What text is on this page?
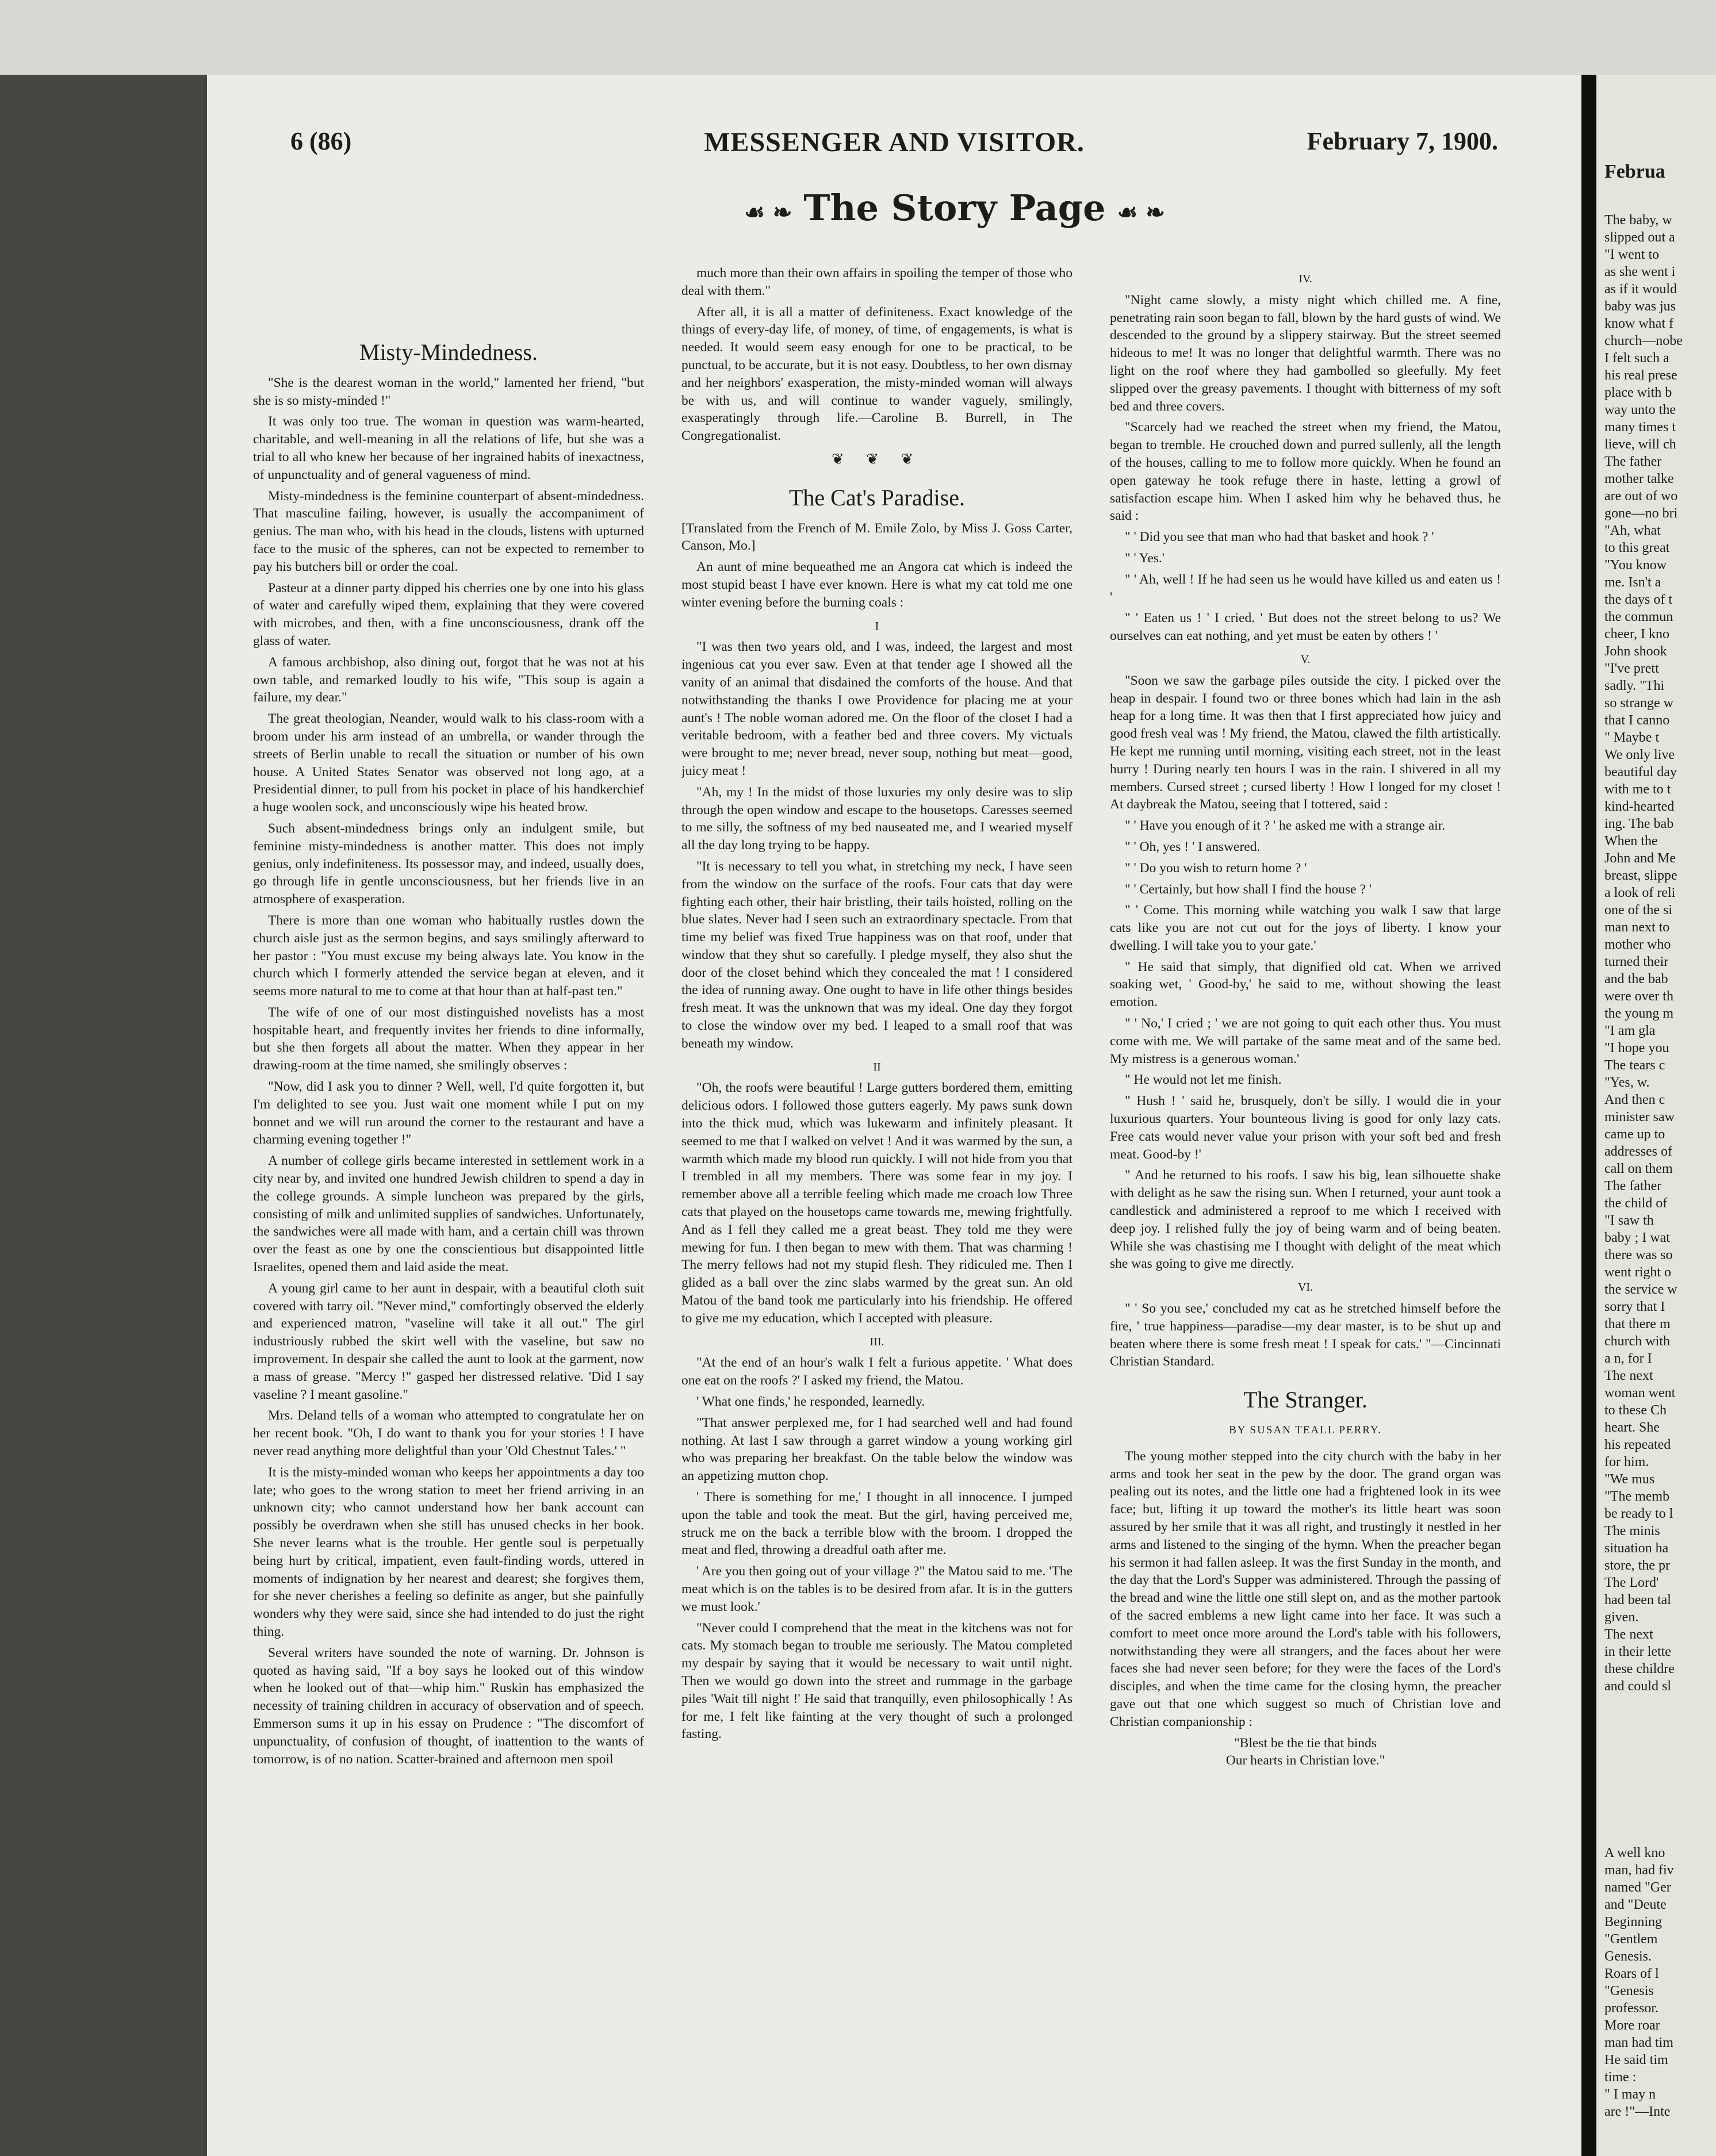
6 (86)	MESSENGER AND VISITOR.	February 7, 1900.
☙ ❧ The Story Page ☙ ❧
Misty-Mindedness.

"She is the dearest woman in the world," lamented her friend, "but she is so misty-minded !"

It was only too true. The woman in question was warm-hearted, charitable, and well-meaning in all the relations of life, but she was a trial to all who knew her because of her ingrained habits of inexactness, of unpunctuality and of general vagueness of mind.

Misty-mindedness is the feminine counterpart of absent-mindedness. That masculine failing, however, is usually the accompaniment of genius. The man who, with his head in the clouds, listens with upturned face to the music of the spheres, can not be expected to remember to pay his butchers bill or order the coal.

Pasteur at a dinner party dipped his cherries one by one into his glass of water and carefully wiped them, explaining that they were covered with microbes, and then, with a fine unconsciousness, drank off the glass of water.

A famous archbishop, also dining out, forgot that he was not at his own table, and remarked loudly to his wife, "This soup is again a failure, my dear."

The great theologian, Neander, would walk to his class-room with a broom under his arm instead of an umbrella, or wander through the streets of Berlin unable to recall the situation or number of his own house. A United States Senator was observed not long ago, at a Presidential dinner, to pull from his pocket in place of his handkerchief a huge woolen sock, and unconsciously wipe his heated brow.

Such absent-mindedness brings only an indulgent smile, but feminine misty-mindedness is another matter. This does not imply genius, only indefiniteness. Its possessor may, and indeed, usually does, go through life in gentle unconsciousness, but her friends live in an atmosphere of exasperation.

There is more than one woman who habitually rustles down the church aisle just as the sermon begins, and says smilingly afterward to her pastor : "You must excuse my being always late. You know in the church which I formerly attended the service began at eleven, and it seems more natural to me to come at that hour than at half-past ten."

The wife of one of our most distinguished novelists has a most hospitable heart, and frequently invites her friends to dine informally, but she then forgets all about the matter. When they appear in her drawing-room at the time named, she smilingly observes :

"Now, did I ask you to dinner ? Well, well, I'd quite forgotten it, but I'm delighted to see you. Just wait one moment while I put on my bonnet and we will run around the corner to the restaurant and have a charming evening together !"

A number of college girls became interested in settlement work in a city near by, and invited one hundred Jewish children to spend a day in the college grounds. A simple luncheon was prepared by the girls, consisting of milk and unlimited supplies of sandwiches. Unfortunately, the sandwiches were all made with ham, and a certain chill was thrown over the feast as one by one the conscientious but disappointed little Israelites, opened them and laid aside the meat.

A young girl came to her aunt in despair, with a beautiful cloth suit covered with tarry oil. "Never mind," comfortingly observed the elderly and experienced matron, "vaseline will take it all out." The girl industriously rubbed the skirt well with the vaseline, but saw no improvement. In despair she called the aunt to look at the garment, now a mass of grease. "Mercy !" gasped her distressed relative. 'Did I say vaseline ? I meant gasoline."

Mrs. Deland tells of a woman who attempted to congratulate her on her recent book. "Oh, I do want to thank you for your stories ! I have never read anything more delightful than your 'Old Chestnut Tales.' "

It is the misty-minded woman who keeps her appointments a day too late; who goes to the wrong station to meet her friend arriving in an unknown city; who cannot understand how her bank account can possibly be overdrawn when she still has unused checks in her book. She never learns what is the trouble. Her gentle soul is perpetually being hurt by critical, impatient, even fault-finding words, uttered in moments of indignation by her nearest and dearest; she forgives them, for she never cherishes a feeling so definite as anger, but she painfully wonders why they were said, since she had intended to do just the right thing.

Several writers have sounded the note of warning. Dr. Johnson is quoted as having said, "If a boy says he looked out of this window when he looked out of that—whip him." Ruskin has emphasized the necessity of training children in accuracy of observation and of speech. Emmerson sums it up in his essay on Prudence : "The discomfort of unpunctuality, of confusion of thought, of inattention to the wants of tomorrow, is of no nation. Scatter-brained and afternoon men spoil

much more than their own affairs in spoiling the temper of those who deal with them."

After all, it is all a matter of definiteness. Exact knowledge of the things of every-day life, of money, of time, of engagements, is what is needed. It would seem easy enough for one to be practical, to be punctual, to be accurate, but it is not easy. Doubtless, to her own dismay and her neighbors' exasperation, the misty-minded woman will always be with us, and will continue to wander vaguely, smilingly, exasperatingly through life.—Caroline B. Burrell, in The Congregationalist.

❦ ❦ ❦
The Cat's Paradise.

[Translated from the French of M. Emile Zolo, by Miss J. Goss Carter, Canson, Mo.]

An aunt of mine bequeathed me an Angora cat which is indeed the most stupid beast I have ever known. Here is what my cat told me one winter evening before the burning coals :

I

"I was then two years old, and I was, indeed, the largest and most ingenious cat you ever saw. Even at that tender age I showed all the vanity of an animal that disdained the comforts of the house. And that notwithstanding the thanks I owe Providence for placing me at your aunt's ! The noble woman adored me. On the floor of the closet I had a veritable bedroom, with a feather bed and three covers. My victuals were brought to me; never bread, never soup, nothing but meat—good, juicy meat !

"Ah, my ! In the midst of those luxuries my only desire was to slip through the open window and escape to the housetops. Caresses seemed to me silly, the softness of my bed nauseated me, and I wearied myself all the day long trying to be happy.

"It is necessary to tell you what, in stretching my neck, I have seen from the window on the surface of the roofs. Four cats that day were fighting each other, their hair bristling, their tails hoisted, rolling on the blue slates. Never had I seen such an extraordinary spectacle. From that time my belief was fixed True happiness was on that roof, under that window that they shut so carefully. I pledge myself, they also shut the door of the closet behind which they concealed the mat ! I considered the idea of running away. One ought to have in life other things besides fresh meat. It was the unknown that was my ideal. One day they forgot to close the window over my bed. I leaped to a small roof that was beneath my window.

II

"Oh, the roofs were beautiful ! Large gutters bordered them, emitting delicious odors. I followed those gutters eagerly. My paws sunk down into the thick mud, which was lukewarm and infinitely pleasant. It seemed to me that I walked on velvet ! And it was warmed by the sun, a warmth which made my blood run quickly. I will not hide from you that I trembled in all my members. There was some fear in my joy. I remember above all a terrible feeling which made me croach low Three cats that played on the housetops came towards me, mewing frightfully. And as I fell they called me a great beast. They told me they were mewing for fun. I then began to mew with them. That was charming ! The merry fellows had not my stupid flesh. They ridiculed me. Then I glided as a ball over the zinc slabs warmed by the great sun. An old Matou of the band took me particularly into his friendship. He offered to give me my education, which I accepted with pleasure.

III.

"At the end of an hour's walk I felt a furious appetite. ' What does one eat on the roofs ?' I asked my friend, the Matou.

' What one finds,' he responded, learnedly.

"That answer perplexed me, for I had searched well and had found nothing. At last I saw through a garret window a young working girl who was preparing her breakfast. On the table below the window was an appetizing mutton chop.

' There is something for me,' I thought in all innocence. I jumped upon the table and took the meat. But the girl, having perceived me, struck me on the back a terrible blow with the broom. I dropped the meat and fled, throwing a dreadful oath after me.

' Are you then going out of your village ?" the Matou said to me. 'The meat which is on the tables is to be desired from afar. It is in the gutters we must look.'

"Never could I comprehend that the meat in the kitchens was not for cats. My stomach began to trouble me seriously. The Matou completed my despair by saying that it would be necessary to wait until night. Then we would go down into the street and rummage in the garbage piles 'Wait till night !' He said that tranquilly, even philosophically ! As for me, I felt like fainting at the very thought of such a prolonged fasting.

IV.

"Night came slowly, a misty night which chilled me. A fine, penetrating rain soon began to fall, blown by the hard gusts of wind. We descended to the ground by a slippery stairway. But the street seemed hideous to me! It was no longer that delightful warmth. There was no light on the roof where they had gambolled so gleefully. My feet slipped over the greasy pavements. I thought with bitterness of my soft bed and three covers.

"Scarcely had we reached the street when my friend, the Matou, began to tremble. He crouched down and purred sullenly, all the length of the houses, calling to me to follow more quickly. When he found an open gateway he took refuge there in haste, letting a growl of satisfaction escape him. When I asked him why he behaved thus, he said :

" ' Did you see that man who had that basket and hook ? '

" ' Yes.'

" ' Ah, well ! If he had seen us he would have killed us and eaten us ! '

" ' Eaten us ! ' I cried. ' But does not the street belong to us? We ourselves can eat nothing, and yet must be eaten by others ! '

V.

"Soon we saw the garbage piles outside the city. I picked over the heap in despair. I found two or three bones which had lain in the ash heap for a long time. It was then that I first appreciated how juicy and good fresh veal was ! My friend, the Matou, clawed the filth artistically. He kept me running until morning, visiting each street, not in the least hurry ! During nearly ten hours I was in the rain. I shivered in all my members. Cursed street ; cursed liberty ! How I longed for my closet ! At daybreak the Matou, seeing that I tottered, said :

" ' Have you enough of it ? ' he asked me with a strange air.

" ' Oh, yes ! ' I answered.

" ' Do you wish to return home ? '

" ' Certainly, but how shall I find the house ? '

" ' Come. This morning while watching you walk I saw that large cats like you are not cut out for the joys of liberty. I know your dwelling. I will take you to your gate.'

" He said that simply, that dignified old cat. When we arrived soaking wet, ' Good-by,' he said to me, without showing the least emotion.

" ' No,' I cried ; ' we are not going to quit each other thus. You must come with me. We will partake of the same meat and of the same bed. My mistress is a generous woman.'

" He would not let me finish.

" Hush ! ' said he, brusquely, don't be silly. I would die in your luxurious quarters. Your bounteous living is good for only lazy cats. Free cats would never value your prison with your soft bed and fresh meat. Good-by !'

" And he returned to his roofs. I saw his big, lean silhouette shake with delight as he saw the rising sun. When I returned, your aunt took a candlestick and administered a reproof to me which I received with deep joy. I relished fully the joy of being warm and of being beaten. While she was chastising me I thought with delight of the meat which she was going to give me directly.

VI.

" ' So you see,' concluded my cat as he stretched himself before the fire, ' true happiness—paradise—my dear master, is to be shut up and beaten where there is some fresh meat ! I speak for cats.' "—Cincinnati Christian Standard.

The Stranger.
BY SUSAN TEALL PERRY.

The young mother stepped into the city church with the baby in her arms and took her seat in the pew by the door. The grand organ was pealing out its notes, and the little one had a frightened look in its wee face; but, lifting it up toward the mother's its little heart was soon assured by her smile that it was all right, and trustingly it nestled in her arms and listened to the singing of the hymn. When the preacher began his sermon it had fallen asleep. It was the first Sunday in the month, and the day that the Lord's Supper was administered. Through the passing of the bread and wine the little one still slept on, and as the mother partook of the sacred emblems a new light came into her face. It was such a comfort to meet once more around the Lord's table with his followers, notwithstanding they were all strangers, and the faces about her were faces she had never seen before; for they were the faces of the Lord's disciples, and when the time came for the closing hymn, the preacher gave out that one which suggest so much of Christian love and Christian companionship :

"Blest be the tie that binds

Our hearts in Christian love."

Februa

The baby, w

slipped out a

"I went to

as she went i

as if it would

baby was jus

know what f

church—nobe

I felt such a

his real prese

place with b

way unto the

many times t

lieve, will ch

The father

mother talke

are out of wo

gone—no bri

"Ah, what

to this great

"You know

me. Isn't a

the days of t

the commun

cheer, I kno

John shook

"I've prett

sadly. "Thi

so strange w

that I canno

" Maybe t

We only live

beautiful day

with me to t

kind-hearted

ing. The bab

When the

John and Me

breast, slippe

a look of reli

one of the si

man next to

mother who

turned their

and the bab

were over th

the young m

"I am gla

"I hope you

The tears c

"Yes, w.

And then c

minister saw

came up to

addresses of

call on them

The father

the child of

"I saw th

baby ; I wat

there was so

went right o

the service w

sorry that I

that there m

church with

a n, for I

The next

woman went

to these Ch

heart. She

his repeated

for him.

"We mus

"The memb

be ready to l

The minis

situation ha

store, the pr

The Lord'

had been tal

given.

The next

in their lette

these childre

and could sl

A well kno

man, had fiv

named "Ger

and "Deute

Beginning

"Gentlem

Genesis.

Roars of l

"Genesis

professor.

More roar

man had tim

He said tim

time :

" I may n

are !"—Inte
